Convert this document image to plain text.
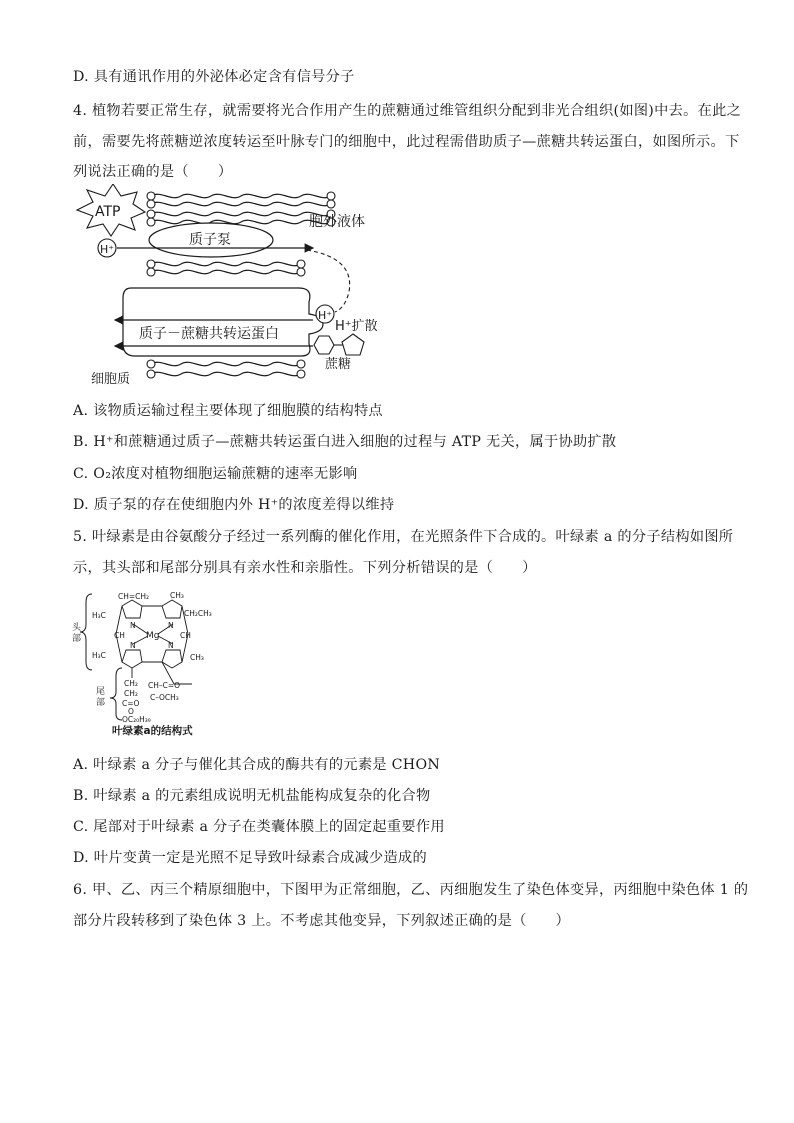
D. 具有通讯作用的外泌体必定含有信号分子
4. 植物若要正常生存，就需要将光合作用产生的蔗糖通过维管组织分配到非光合组织(如图)中去。在此之
前，需要先将蔗糖逆浓度转运至叶脉专门的细胞中，此过程需借助质子—蔗糖共转运蛋白，如图所示。下
列说法正确的是（　　）
ATP
H⁺
质子泵
胞外液体
质子－蔗糖共转运蛋白
H⁺
H⁺扩散
蔗糖
细胞质
A. 该物质运输过程主要体现了细胞膜的结构特点
B. H⁺和蔗糖通过质子—蔗糖共转运蛋白进入细胞的过程与 ATP 无关，属于协助扩散
C. O₂浓度对植物细胞运输蔗糖的速率无影响
D. 质子泵的存在使细胞内外 H⁺的浓度差得以维持
5. 叶绿素是由谷氨酸分子经过一系列酶的催化作用，在光照条件下合成的。叶绿素 a 的分子结构如图所
示，其头部和尾部分别具有亲水性和亲脂性。下列分析错误的是（　　）
头
部
尾
部
CH=CH₂	CH₃
H₃C	CH₂CH₃
CH	CH
Mg
N	N
N	N
H₃C	CH₃
CH₂
CH₂
C=O
CH–C=O
C–OCH₃
O
OC₂₀H₃₉
叶绿素a的结构式
A. 叶绿素 a 分子与催化其合成的酶共有的元素是 CHON
B. 叶绿素 a 的元素组成说明无机盐能构成复杂的化合物
C. 尾部对于叶绿素 a 分子在类囊体膜上的固定起重要作用
D. 叶片变黄一定是光照不足导致叶绿素合成减少造成的
6. 甲、乙、丙三个精原细胞中，下图甲为正常细胞，乙、丙细胞发生了染色体变异，丙细胞中染色体 1 的
部分片段转移到了染色体 3 上。不考虑其他变异，下列叙述正确的是（　　）
